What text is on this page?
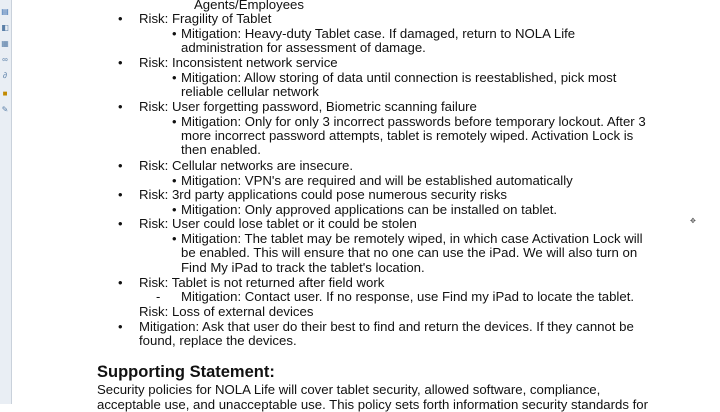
▤
◧
▦
∞
∂
■
✎
Agents/Employees
• Risk: Fragility of Tablet
• Mitigation: Heavy-duty Tablet case. If damaged, return to NOLA Life
administration for assessment of damage.
• Risk: Inconsistent network service
• Mitigation: Allow storing of data until connection is reestablished, pick most
reliable cellular network
• Risk: User forgetting password, Biometric scanning failure
• Mitigation: Only for only 3 incorrect passwords before temporary lockout. After 3
more incorrect password attempts, tablet is remotely wiped. Activation Lock is
then enabled.
• Risk: Cellular networks are insecure.
• Mitigation: VPN's are required and will be established automatically
• Risk: 3rd party applications could pose numerous security risks
• Mitigation: Only approved applications can be installed on tablet.
• Risk: User could lose tablet or it could be stolen
• Mitigation: The tablet may be remotely wiped, in which case Activation Lock will
be enabled. This will ensure that no one can use the iPad. We will also turn on
Find My iPad to track the tablet's location.
• Risk: Tablet is not returned after field work
- Mitigation: Contact user. If no response, use Find my iPad to locate the tablet.
Risk: Loss of external devices
• Mitigation: Ask that user do their best to find and return the devices. If they cannot be
found, replace the devices.
Supporting Statement:
Security policies for NOLA Life will cover tablet security, allowed software, compliance,
acceptable use, and unacceptable use. This policy sets forth information security standards for
✥
